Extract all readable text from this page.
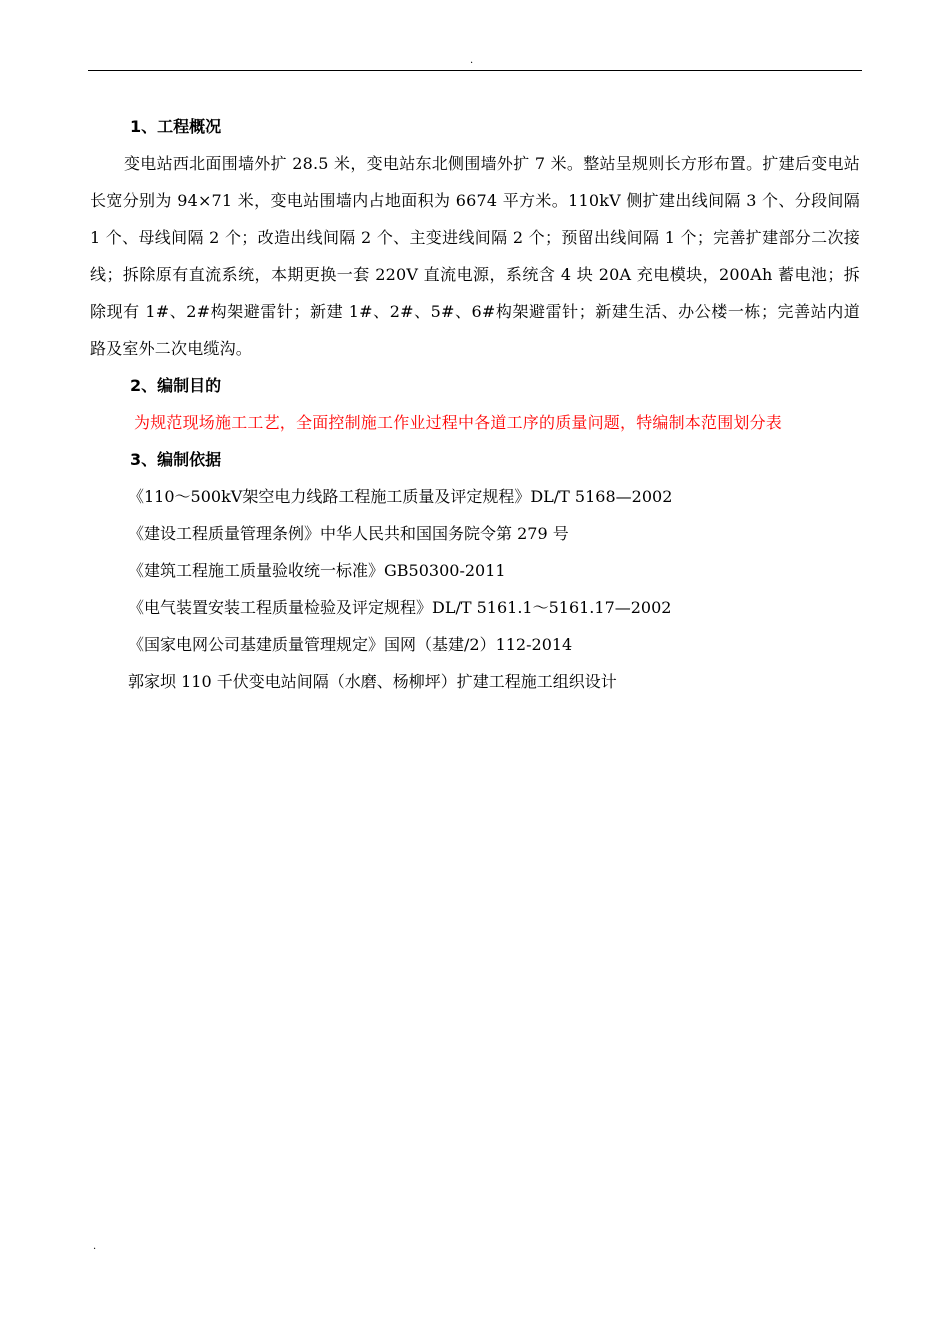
.
1、工程概况

变电站西北面围墙外扩 28.5 米，变电站东北侧围墙外扩 7 米。整站呈规则长方形布置。扩建后变电站长宽分别为 94×71 米，变电站围墙内占地面积为 6674 平方米。110kV 侧扩建出线间隔 3 个、分段间隔 1 个、母线间隔 2 个；改造出线间隔 2 个、主变进线间隔 2 个；预留出线间隔 1 个；完善扩建部分二次接线；拆除原有直流系统，本期更换一套 220V 直流电源，系统含 4 块 20A 充电模块，200Ah 蓄电池；拆除现有 1#、2#构架避雷针；新建 1#、2#、5#、6#构架避雷针；新建生活、办公楼一栋；完善站内道路及室外二次电缆沟。

2、编制目的

为规范现场施工工艺，全面控制施工作业过程中各道工序的质量问题，特编制本范围划分表

3、编制依据
《110～500kV架空电力线路工程施工质量及评定规程》DL/T 5168—2002
《建设工程质量管理条例》中华人民共和国国务院令第 279 号
《建筑工程施工质量验收统一标准》GB50300-2011
《电气装置安装工程质量检验及评定规程》DL/T 5161.1～5161.17—2002
《国家电网公司基建质量管理规定》国网（基建/2）112-2014
郭家坝 110 千伏变电站间隔（水磨、杨柳坪）扩建工程施工组织设计
.
